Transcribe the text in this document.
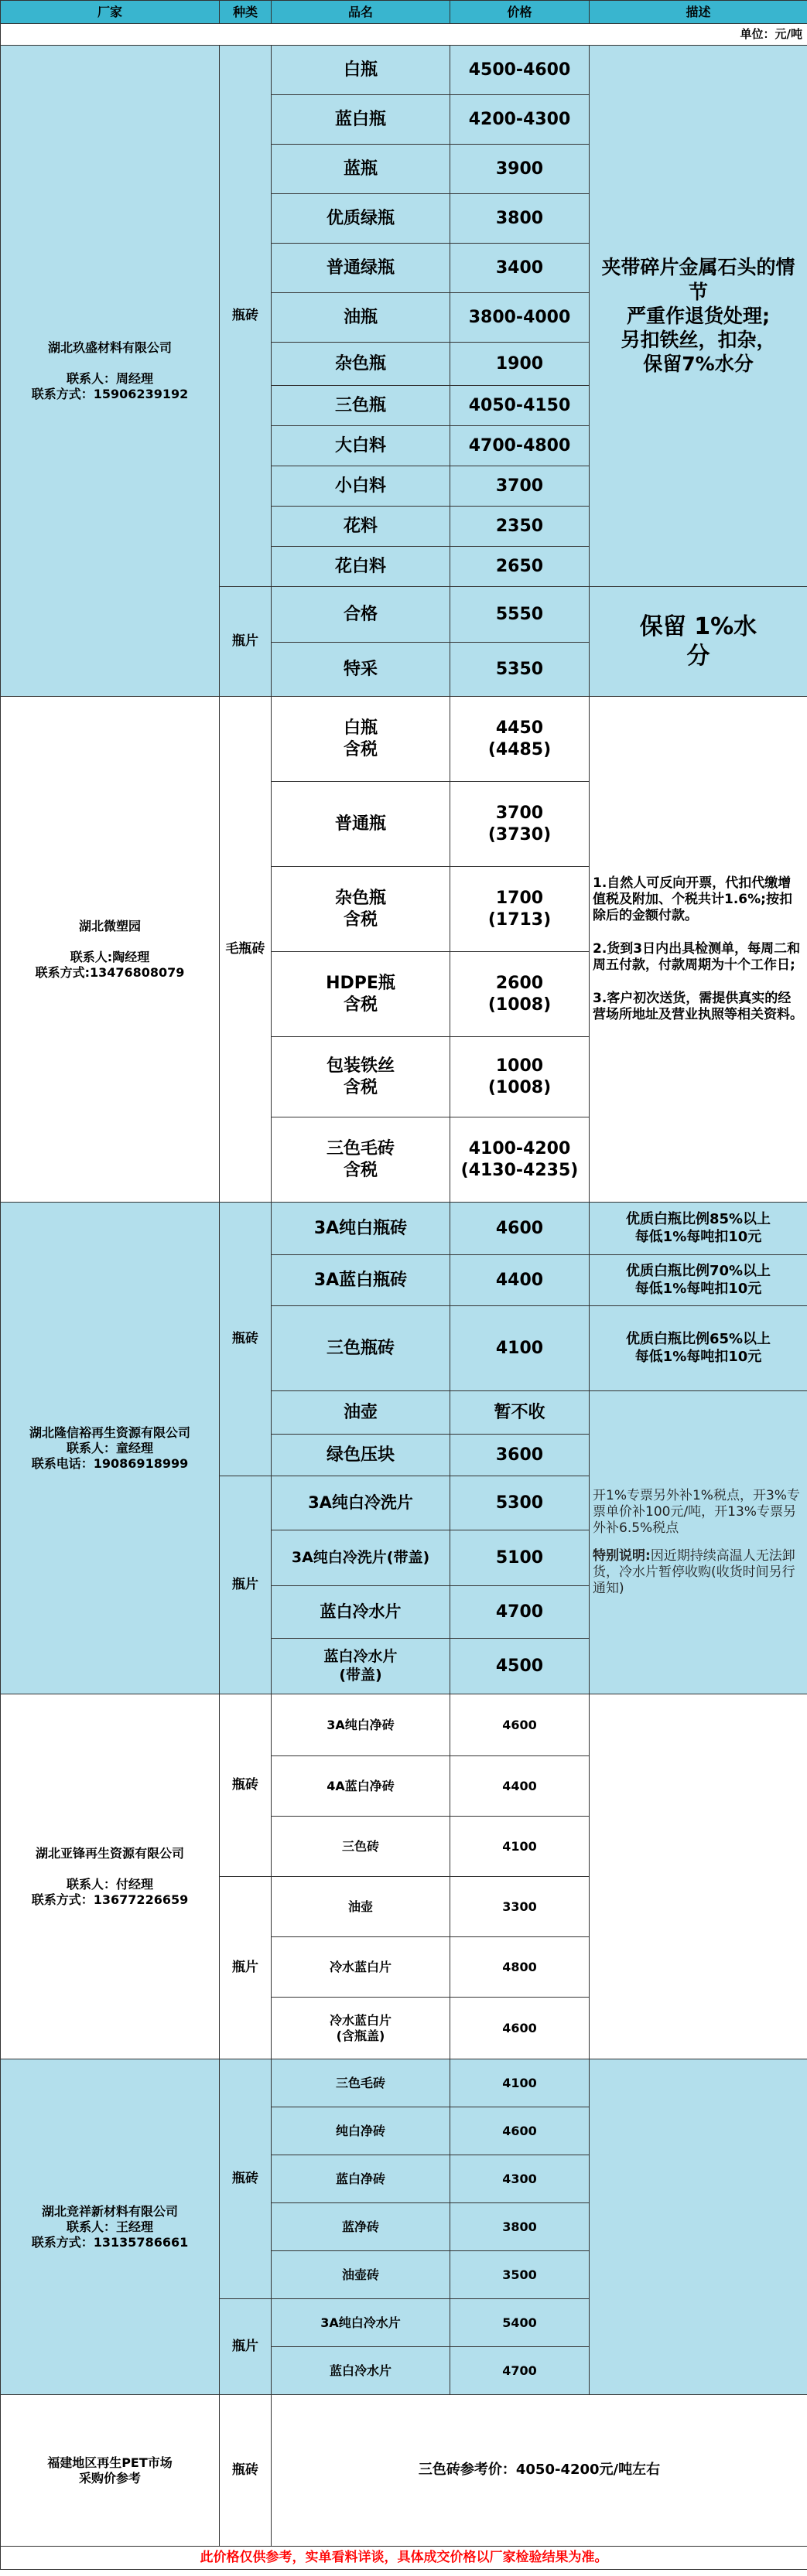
厂家	种类	品名	价格	描述
单位：元/吨				
湖北玖盛材料有限公司

联系人：周经理
联系方式：15906239192	瓶砖	白瓶	4500-4600	夹带碎片金属石头的情
节
严重作退货处理;
另扣铁丝，扣杂，
保留7%水分
		蓝白瓶	4200-4300	
		蓝瓶	3900	
		优质绿瓶	3800	
		普通绿瓶	3400	
		油瓶	3800-4000	
		杂色瓶	1900	
		三色瓶	4050-4150	
		大白料	4700-4800	
		小白料	3700	
		花料	2350	
		花白料	2650	
	瓶片	合格	5550	保留 1%水
分
		特采	5350	
湖北微塑园

联系人:陶经理
联系方式:13476808079	毛瓶砖	白瓶
含税	4450
(4485)	1.自然人可反向开票，代扣代缴增值税及附加、个税共计1.6%;按扣除后的金额付款。

2.货到3日内出具检测单，每周二和周五付款，付款周期为十个工作日;

3.客户初次送货，需提供真实的经营场所地址及营业执照等相关资料。

		普通瓶	3700
(3730)	

		杂色瓶
含税	1700
(1713)	

		HDPE瓶
含税	2600
(1008)	

		包装铁丝
含税	1000
(1008)	

		三色毛砖
含税	4100-4200
(4130-4235)	

湖北隆信裕再生资源有限公司
联系人：童经理
联系电话：19086918999	瓶砖	3A纯白瓶砖	4600	优质白瓶比例85%以上
每低1%每吨扣10元
		3A蓝白瓶砖	4400	优质白瓶比例70%以上
每低1%每吨扣10元
		三色瓶砖	4100	优质白瓶比例65%以上
每低1%每吨扣10元
		油壶	暂不收	开1%专票另外补1%税点，开3%专票单价补100元/吨，开13%专票另外补6.5%税点
特别说明:因近期持续高温人无法卸货，冷水片暂停收购(收货时间另行通知)

		绿色压块	3600	
	瓶片	3A纯白冷洗片	5300	
		3A纯白冷洗片(带盖)	5100	
		蓝白冷水片	4700	
		蓝白冷水片
(带盖)	4500	
湖北亚锋再生资源有限公司

联系人：付经理
联系方式：13677226659	瓶砖	3A纯白净砖	4600	
		4A蓝白净砖	4400	
		三色砖	4100	
	瓶片	油壶	3300	
		冷水蓝白片	4800	
		冷水蓝白片
(含瓶盖)	4600	
湖北竞祥新材料有限公司
联系人：王经理
联系方式：13135786661	瓶砖	三色毛砖	4100	
		纯白净砖	4600	
		蓝白净砖	4300	
		蓝净砖	3800	
		油壶砖	3500	
	瓶片	3A纯白冷水片	5400	
		蓝白冷水片	4700	
福建地区再生PET市场
采购价参考	瓶砖	三色砖参考价：4050-4200元/吨左右		
此价格仅供参考，实单看料详谈，具体成交价格以厂家检验结果为准。				
